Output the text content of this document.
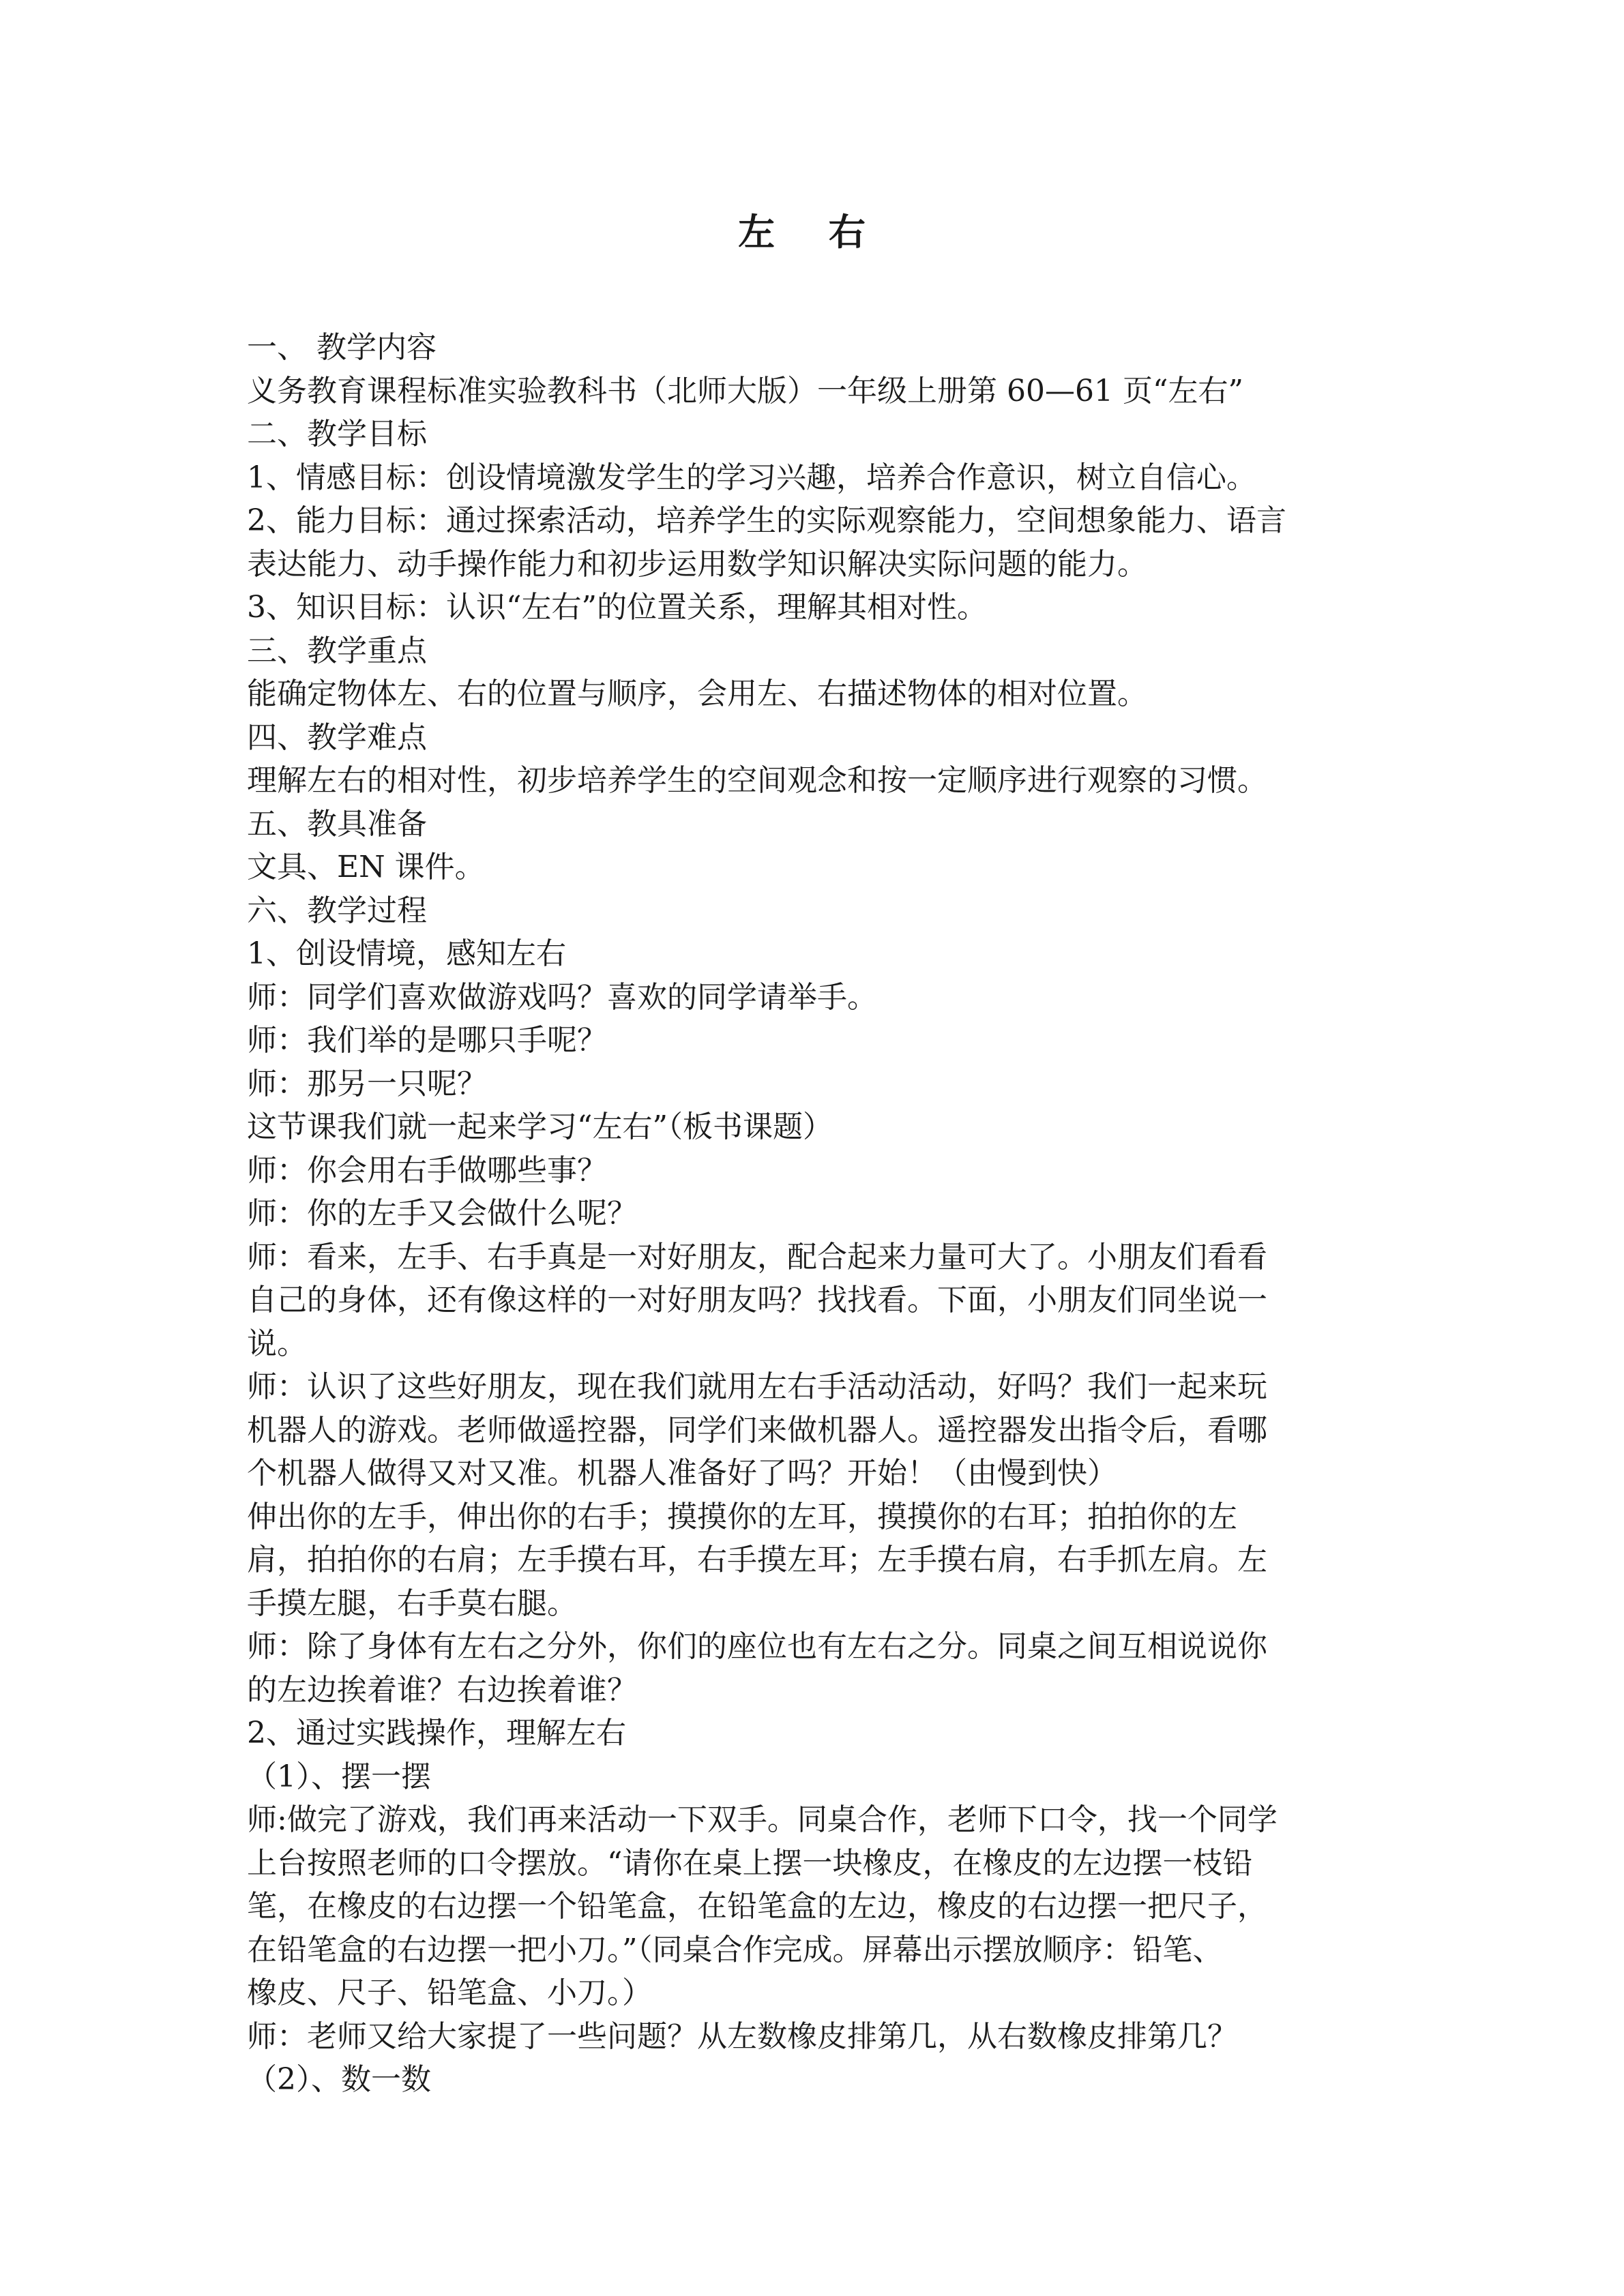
左 右
一、 教学内容
义务教育课程标准实验教科书（北师大版）一年级上册第 60—61 页“左右”
二、教学目标
1、情感目标：创设情境激发学生的学习兴趣，培养合作意识，树立自信心。
2、能力目标：通过探索活动，培养学生的实际观察能力，空间想象能力、语言
表达能力、动手操作能力和初步运用数学知识解决实际问题的能力。
3、知识目标：认识“左右”的位置关系，理解其相对性。
三、教学重点
能确定物体左、右的位置与顺序，会用左、右描述物体的相对位置。
四、教学难点
理解左右的相对性，初步培养学生的空间观念和按一定顺序进行观察的习惯。
五、教具准备
文具、EN 课件。
六、教学过程
1、创设情境，感知左右
师：同学们喜欢做游戏吗？喜欢的同学请举手。
师：我们举的是哪只手呢？
师：那另一只呢？
这节课我们就一起来学习“左右”（板书课题）
师：你会用右手做哪些事？
师：你的左手又会做什么呢？
师：看来，左手、右手真是一对好朋友，配合起来力量可大了。小朋友们看看
自己的身体，还有像这样的一对好朋友吗？找找看。下面，小朋友们同坐说一
说。
师：认识了这些好朋友，现在我们就用左右手活动活动，好吗？我们一起来玩
机器人的游戏。老师做遥控器，同学们来做机器人。遥控器发出指令后，看哪
个机器人做得又对又准。机器人准备好了吗？开始！（由慢到快）
伸出你的左手，伸出你的右手；摸摸你的左耳，摸摸你的右耳；拍拍你的左
肩，拍拍你的右肩；左手摸右耳，右手摸左耳；左手摸右肩，右手抓左肩。左
手摸左腿，右手莫右腿。
师：除了身体有左右之分外，你们的座位也有左右之分。同桌之间互相说说你
的左边挨着谁？右边挨着谁？
2、通过实践操作，理解左右
（1）、摆一摆
师:做完了游戏，我们再来活动一下双手。同桌合作，老师下口令，找一个同学
上台按照老师的口令摆放。“请你在桌上摆一块橡皮，在橡皮的左边摆一枝铅
笔，在橡皮的右边摆一个铅笔盒，在铅笔盒的左边，橡皮的右边摆一把尺子，
在铅笔盒的右边摆一把小刀。”（同桌合作完成。屏幕出示摆放顺序：铅笔、
橡皮、尺子、铅笔盒、小刀。）
师：老师又给大家提了一些问题？从左数橡皮排第几，从右数橡皮排第几？
（2）、数一数
